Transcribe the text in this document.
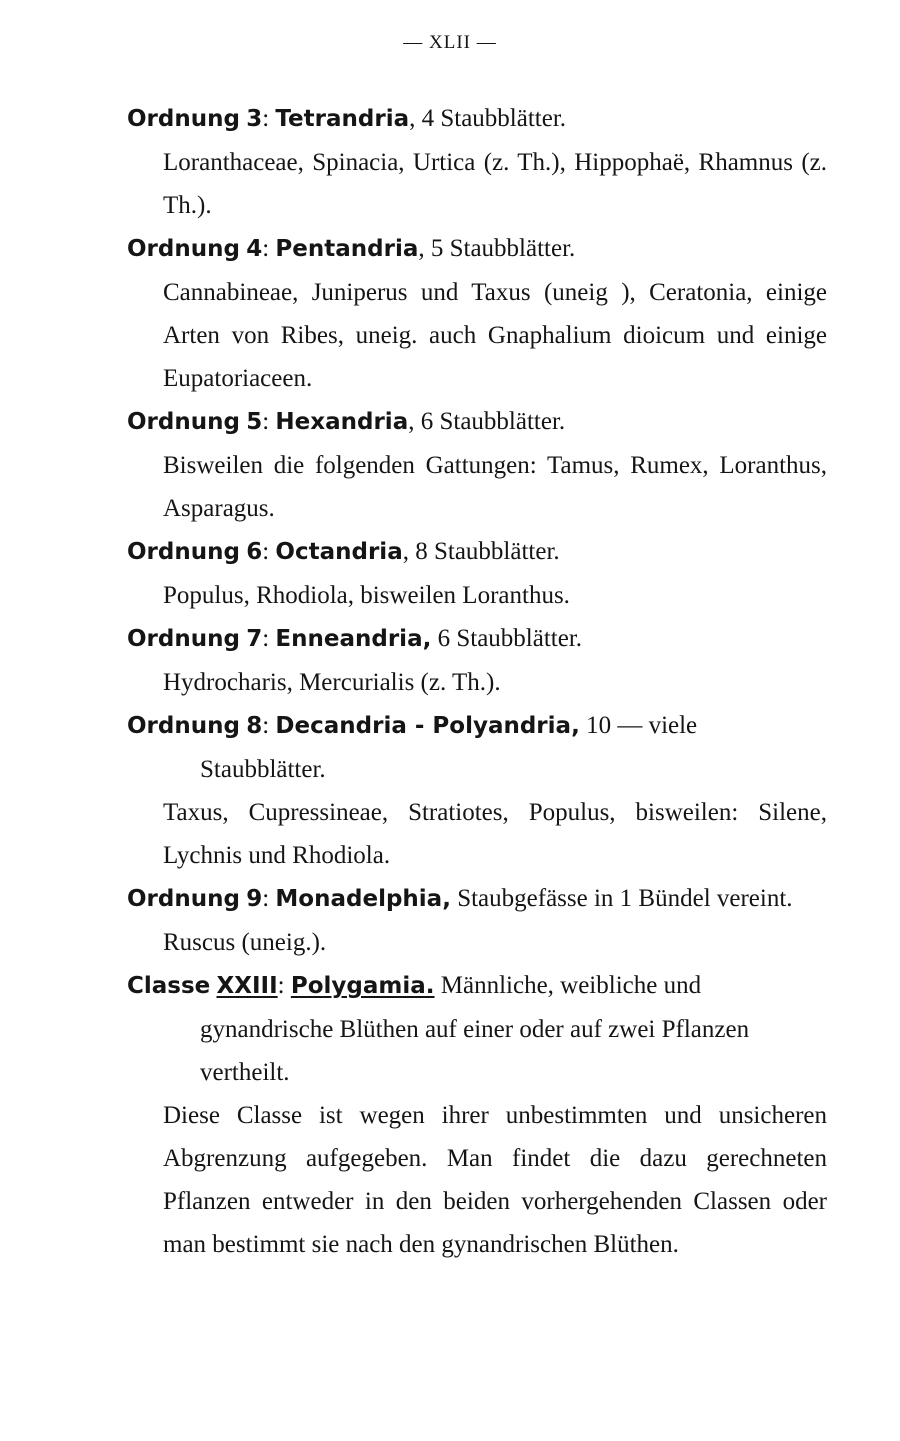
— XLII —
Ordnung 3: Tetrandria, 4 Staubblätter.
Loranthaceae, Spinacia, Urtica (z. Th.), Hippophaë, Rhamnus (z. Th.).
Ordnung 4: Pentandria, 5 Staubblätter.
Cannabineae, Juniperus und Taxus (uneig ), Ceratonia, einige Arten von Ribes, uneig. auch Gnaphalium dioicum und einige Eupatoriaceen.
Ordnung 5: Hexandria, 6 Staubblätter.
Bisweilen die folgenden Gattungen: Tamus, Rumex, Loranthus, Asparagus.
Ordnung 6: Octandria, 8 Staubblätter.
Populus, Rhodiola, bisweilen Loranthus.
Ordnung 7: Enneandria, 6 Staubblätter.
Hydrocharis, Mercurialis (z. Th.).
Ordnung 8: Decandria - Polyandria, 10 — viele Staubblätter.
Taxus, Cupressineae, Stratiotes, Populus, bisweilen: Silene, Lychnis und Rhodiola.
Ordnung 9: Monadelphia, Staubgefässe in 1 Bündel vereint.
Ruscus (uneig.).
Classe XXIII: Polygamia. Männliche, weibliche und gynandrische Blüthen auf einer oder auf zwei Pflanzen vertheilt.
Diese Classe ist wegen ihrer unbestimmten und unsicheren Abgrenzung aufgegeben. Man findet die dazu gerechneten Pflanzen entweder in den beiden vorhergehenden Classen oder man bestimmt sie nach den gynandrischen Blüthen.
